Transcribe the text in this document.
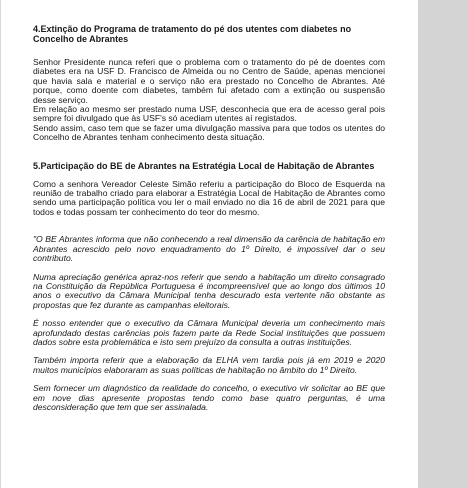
4.Extinção do Programa de tratamento do pé dos utentes com diabetes no Concelho de Abrantes

Senhor Presidente nunca referi que o problema com o tratamento do pé de doentes com diabetes era na USF D. Francisco de Almeida ou no Centro de Saúde, apenas mencionei que havia sala e material e o serviço não era prestado no Concelho de Abrantes. Até porque, como doente com diabetes, também fui afetado com a extinção ou suspensão desse serviço.

Em relação ao mesmo ser prestado numa USF, desconhecia que era de acesso geral pois sempre foi divulgado que às USF's só acediam utentes aí registados.

Sendo assim, caso tem que se fazer uma divulgação massiva para que todos os utentes do Concelho de Abrantes tenham conhecimento desta situação.

5.Participação do BE de Abrantes na Estratégia Local de Habitação de Abrantes

Como a senhora Vereador Celeste Simão referiu a participação do Bloco de Esquerda na reunião de trabalho criado para elaborar a Estratégia Local de Habitação de Abrantes como sendo uma participação política vou ler o mail enviado no dia 16 de abril de 2021 para que todos e todas possam ter conhecimento do teor do mesmo.

"O BE Abrantes informa que não conhecendo a real dimensão da carência de habitação em Abrantes acrescido pelo novo enquadramento do 1º Direito, é impossível dar o seu contributo.

Numa apreciação genérica apraz-nos referir que sendo a habitação um direito consagrado na Constituição da República Portuguesa é incompreensível que ao longo dos últimos 10 anos o executivo da Câmara Municipal tenha descurado esta vertente não obstante as propostas que fez durante as campanhas eleitorais.

É nosso entender que o executivo da Câmara Municipal deveria um conhecimento mais aprofundado destas carências pois fazem parte da Rede Social instituições que possuem dados sobre esta problemática e isto sem prejuízo da consulta a outras instituições.

Também importa referir que a elaboração da ELHA vem tardia pois já em 2019 e 2020 muitos municípios elaboraram as suas políticas de habitação no âmbito do 1º Direito.

Sem fornecer um diagnóstico da realidade do concelho, o executivo vir solicitar ao BE que em nove dias apresente propostas tendo como base quatro perguntas, é uma desconsideração que tem que ser assinalada.
